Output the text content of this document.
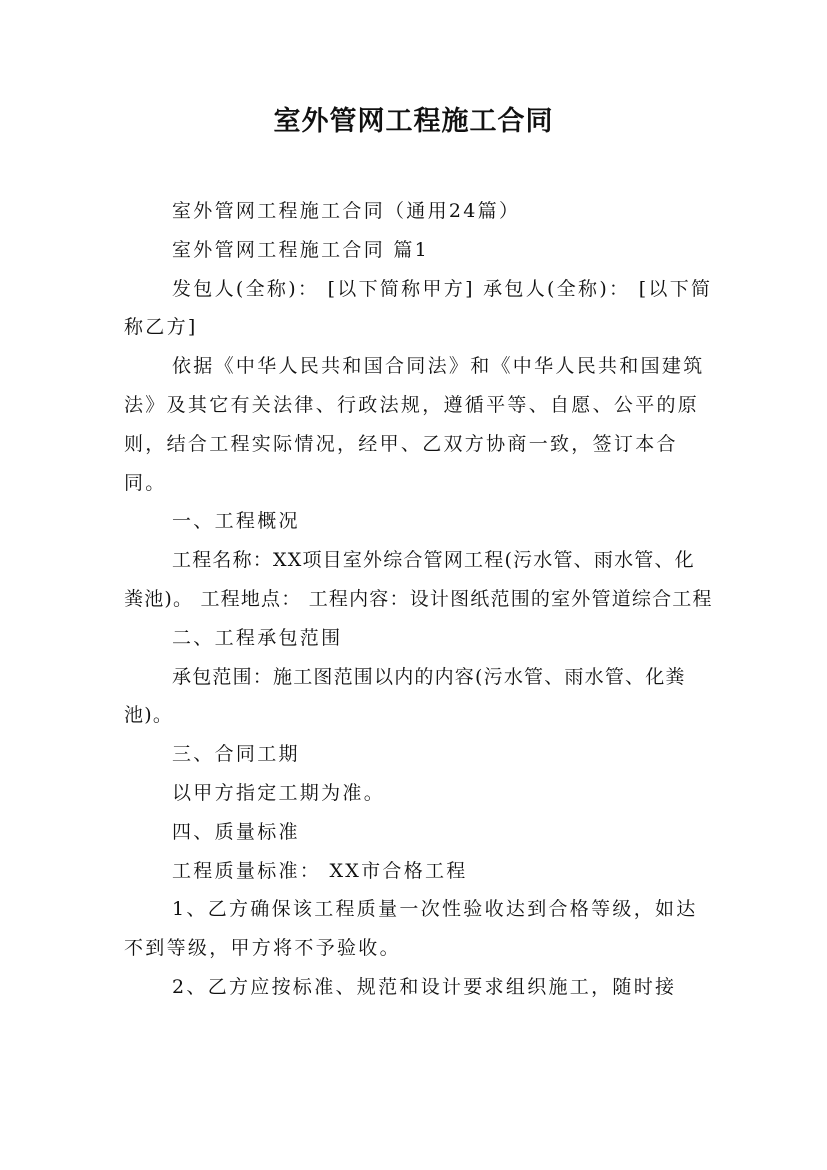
室外管网工程施工合同

室外管网工程施工合同（通用24篇）

室外管网工程施工合同 篇1

发包人(全称)： [以下简称甲方] 承包人(全称)： [以下简称乙方]

依据《中华人民共和国合同法》和《中华人民共和国建筑法》及其它有关法律、行政法规，遵循平等、自愿、公平的原则，结合工程实际情况，经甲、乙双方协商一致，签订本合同。

一、工程概况

工程名称：XX项目室外综合管网工程(污水管、雨水管、化粪池)。 工程地点： 工程内容：设计图纸范围的室外管道综合工程

二、工程承包范围

承包范围：施工图范围以内的内容(污水管、雨水管、化粪池)。

三、合同工期

以甲方指定工期为准。

四、质量标准

工程质量标准： XX市合格工程

1、乙方确保该工程质量一次性验收达到合格等级，如达不到等级，甲方将不予验收。

2、乙方应按标准、规范和设计要求组织施工，随时接
